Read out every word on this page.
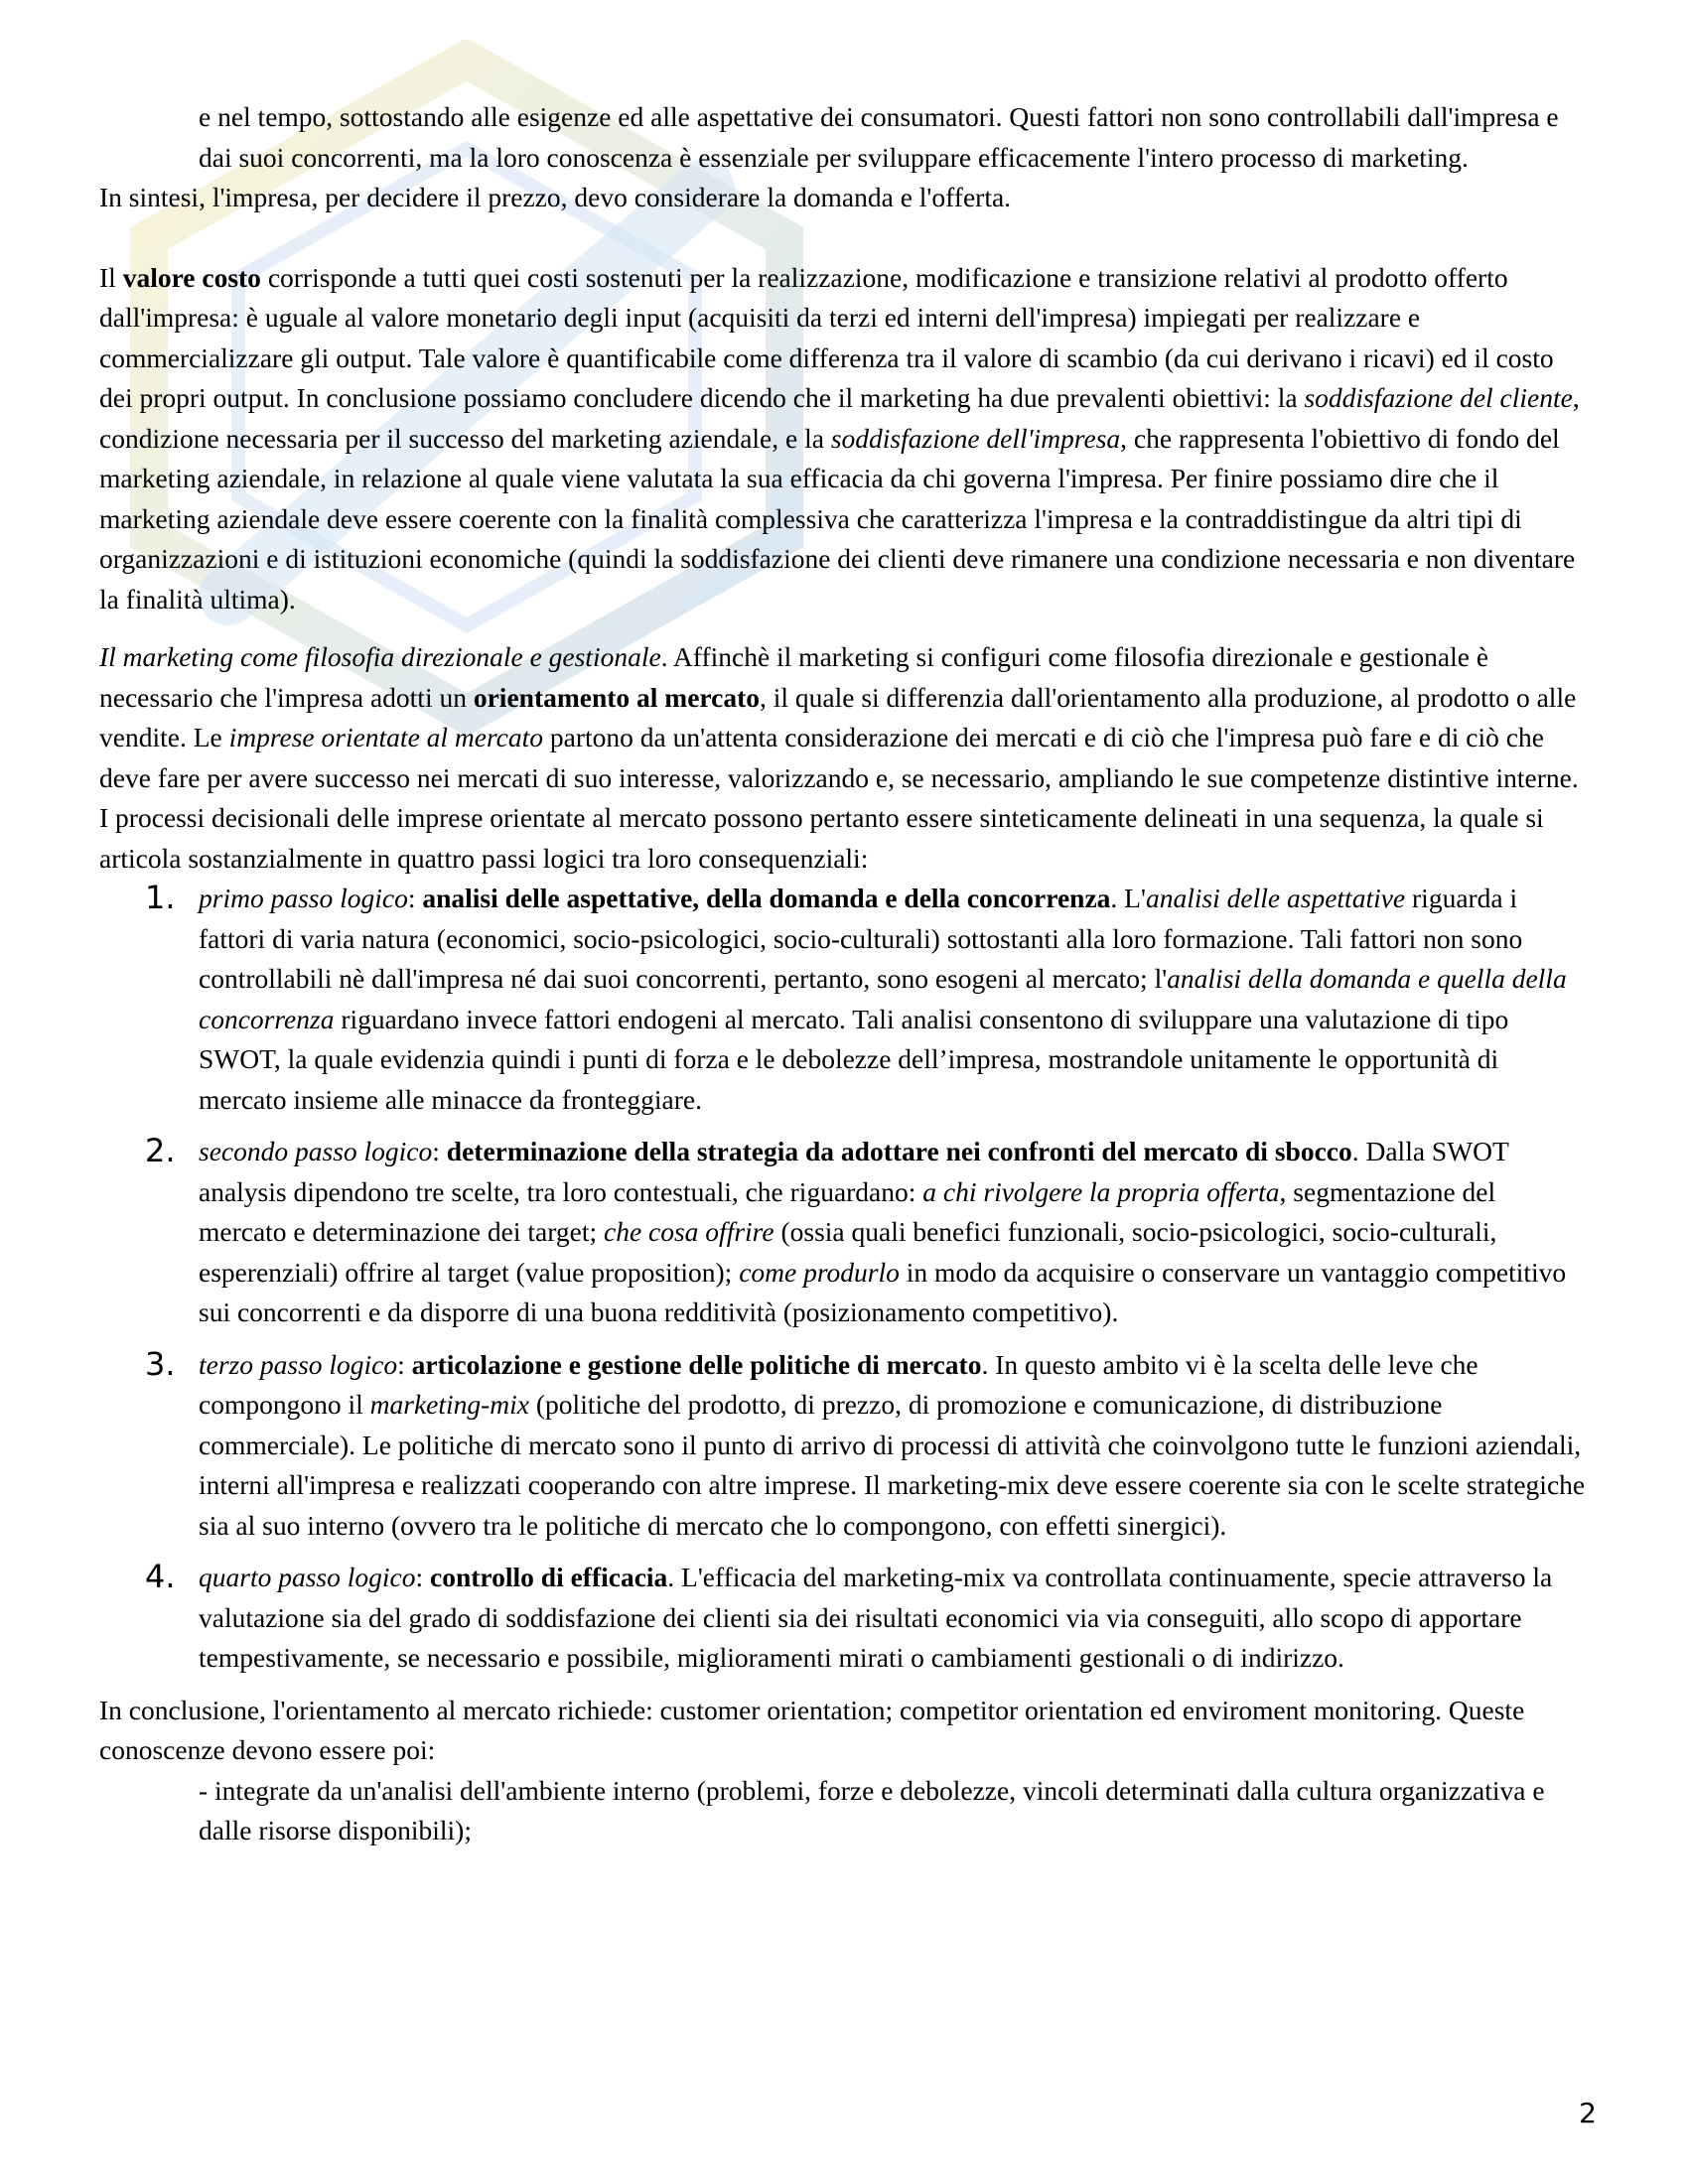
e nel tempo, sottostando alle esigenze ed alle aspettative dei consumatori. Questi fattori non sono controllabili dall'impresa e dai suoi concorrenti, ma la loro conoscenza è essenziale per sviluppare efficacemente l'intero processo di marketing.

In sintesi, l'impresa, per decidere il prezzo, devo considerare la domanda e l'offerta.

Il valore costo corrisponde a tutti quei costi sostenuti per la realizzazione, modificazione e transizione relativi al prodotto offerto dall'impresa: è uguale al valore monetario degli input (acquisiti da terzi ed interni dell'impresa) impiegati per realizzare e commercializzare gli output. Tale valore è quantificabile come differenza tra il valore di scambio (da cui derivano i ricavi) ed il costo dei propri output. In conclusione possiamo concludere dicendo che il marketing ha due prevalenti obiettivi: la soddisfazione del cliente, condizione necessaria per il successo del marketing aziendale, e la soddisfazione dell'impresa, che rappresenta l'obiettivo di fondo del marketing aziendale, in relazione al quale viene valutata la sua efficacia da chi governa l'impresa. Per finire possiamo dire che il marketing aziendale deve essere coerente con la finalità complessiva che caratterizza l'impresa e la contraddistingue da altri tipi di organizzazioni e di istituzioni economiche (quindi la soddisfazione dei clienti deve rimanere una condizione necessaria e non diventare la finalità ultima).

Il marketing come filosofia direzionale e gestionale. Affinchè il marketing si configuri come filosofia direzionale e gestionale è necessario che l'impresa adotti un orientamento al mercato, il quale si differenzia dall'orientamento alla produzione, al prodotto o alle vendite. Le imprese orientate al mercato partono da un'attenta considerazione dei mercati e di ciò che l'impresa può fare e di ciò che deve fare per avere successo nei mercati di suo interesse, valorizzando e, se necessario, ampliando le sue competenze distintive interne. I processi decisionali delle imprese orientate al mercato possono pertanto essere sinteticamente delineati in una sequenza, la quale si articola sostanzialmente in quattro passi logici tra loro consequenziali:

1. primo passo logico: analisi delle aspettative, della domanda e della concorrenza. L'analisi delle aspettative riguarda i fattori di varia natura (economici, socio-psicologici, socio-culturali) sottostanti alla loro formazione. Tali fattori non sono controllabili nè dall'impresa né dai suoi concorrenti, pertanto, sono esogeni al mercato; l'analisi della domanda e quella della concorrenza riguardano invece fattori endogeni al mercato. Tali analisi consentono di sviluppare una valutazione di tipo SWOT, la quale evidenzia quindi i punti di forza e le debolezze dell’impresa, mostrandole unitamente le opportunità di mercato insieme alle minacce da fronteggiare.
2. secondo passo logico: determinazione della strategia da adottare nei confronti del mercato di sbocco. Dalla SWOT analysis dipendono tre scelte, tra loro contestuali, che riguardano: a chi rivolgere la propria offerta, segmentazione del mercato e determinazione dei target; che cosa offrire (ossia quali benefici funzionali, socio-psicologici, socio-culturali, esperenziali) offrire al target (value proposition); come produrlo in modo da acquisire o conservare un vantaggio competitivo sui concorrenti e da disporre di una buona redditività (posizionamento competitivo).
3. terzo passo logico: articolazione e gestione delle politiche di mercato. In questo ambito vi è la scelta delle leve che compongono il marketing-mix (politiche del prodotto, di prezzo, di promozione e comunicazione, di distribuzione commerciale). Le politiche di mercato sono il punto di arrivo di processi di attività che coinvolgono tutte le funzioni aziendali, interni all'impresa e realizzati cooperando con altre imprese. Il marketing-mix deve essere coerente sia con le scelte strategiche sia al suo interno (ovvero tra le politiche di mercato che lo compongono, con effetti sinergici).
4. quarto passo logico: controllo di efficacia. L'efficacia del marketing-mix va controllata continuamente, specie attraverso la valutazione sia del grado di soddisfazione dei clienti sia dei risultati economici via via conseguiti, allo scopo di apportare tempestivamente, se necessario e possibile, miglioramenti mirati o cambiamenti gestionali o di indirizzo.

In conclusione, l'orientamento al mercato richiede: customer orientation; competitor orientation ed enviroment monitoring. Queste conoscenze devono essere poi:

- integrate da un'analisi dell'ambiente interno (problemi, forze e debolezze, vincoli determinati dalla cultura organizzativa e dalle risorse disponibili);

2
